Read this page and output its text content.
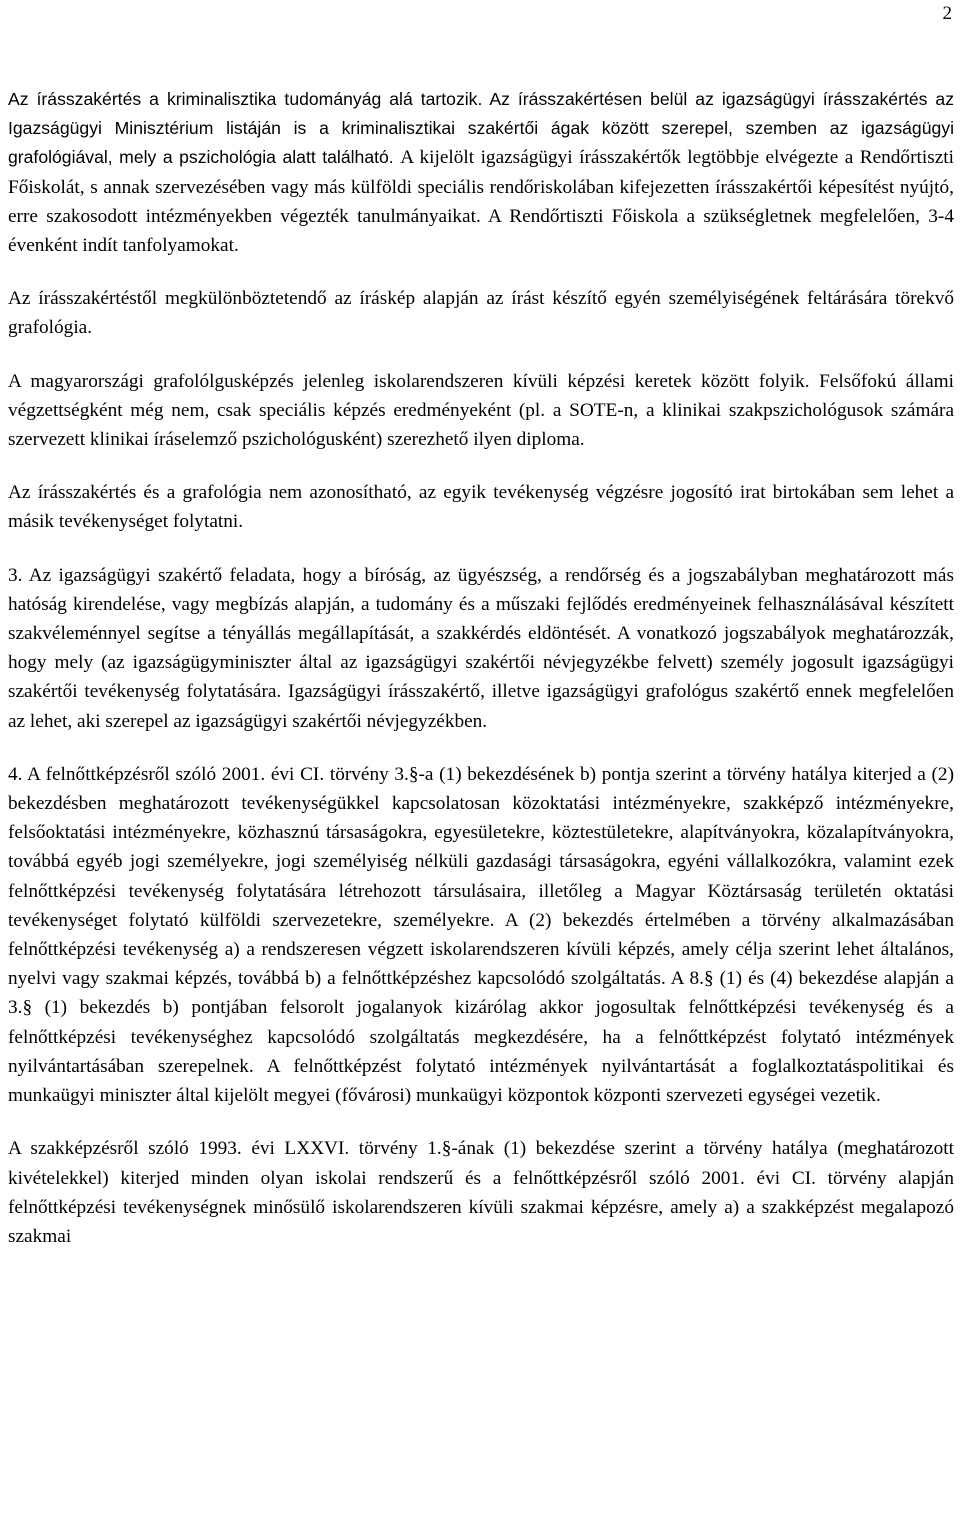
2

Az írásszakértés a kriminalisztika tudományág alá tartozik. Az írásszakértésen belül az igazságügyi írásszakértés az Igazságügyi Minisztérium listáján is a kriminalisztikai szakértői ágak között szerepel, szemben az igazságügyi grafológiával, mely a pszichológia alatt található. A kijelölt igazságügyi írásszakértők legtöbbje elvégezte a Rendőrtiszti Főiskolát, s annak szervezésében vagy más külföldi speciális rendőriskolában kifejezetten írásszakértői képesítést nyújtó, erre szakosodott intézményekben végezték tanulmányaikat. A Rendőrtiszti Főiskola a szükségletnek megfelelően, 3-4 évenként indít tanfolyamokat.

Az írásszakértéstől megkülönböztetendő az íráskép alapján az írást készítő egyén személyiségének feltárására törekvő grafológia.

A magyarországi grafolólgusképzés jelenleg iskolarendszeren kívüli képzési keretek között folyik. Felsőfokú állami végzettségként még nem, csak speciális képzés eredményeként (pl. a SOTE-n, a klinikai szakpszichológusok számára szervezett klinikai íráselemző pszichológusként) szerezhető ilyen diploma.

Az írásszakértés és a grafológia nem azonosítható, az egyik tevékenység végzésre jogosító irat birtokában sem lehet a másik tevékenységet folytatni.

3. Az igazságügyi szakértő feladata, hogy a bíróság, az ügyészség, a rendőrség és a jogszabályban meghatározott más hatóság kirendelése, vagy megbízás alapján, a tudomány és a műszaki fejlődés eredményeinek felhasználásával készített szakvéleménnyel segítse a tényállás megállapítását, a szakkérdés eldöntését. A vonatkozó jogszabályok meghatározzák, hogy mely (az igazságügyminiszter által az igazságügyi szakértői névjegyzékbe felvett) személy jogosult igazságügyi szakértői tevékenység folytatására. Igazságügyi írásszakértő, illetve igazságügyi grafológus szakértő ennek megfelelően az lehet, aki szerepel az igazságügyi szakértői névjegyzékben.

4. A felnőttképzésről szóló 2001. évi CI. törvény 3.§-a (1) bekezdésének b) pontja szerint a törvény hatálya kiterjed a (2) bekezdésben meghatározott tevékenységükkel kapcsolatosan közoktatási intézményekre, szakképző intézményekre, felsőoktatási intézményekre, közhasznú társaságokra, egyesületekre, köztestületekre, alapítványokra, közalapítványokra, továbbá egyéb jogi személyekre, jogi személyiség nélküli gazdasági társaságokra, egyéni vállalkozókra, valamint ezek felnőttképzési tevékenység folytatására létrehozott társulásaira, illetőleg a Magyar Köztársaság területén oktatási tevékenységet folytató külföldi szervezetekre, személyekre. A (2) bekezdés értelmében a törvény alkalmazásában felnőttképzési tevékenység a) a rendszeresen végzett iskolarendszeren kívüli képzés, amely célja szerint lehet általános, nyelvi vagy szakmai képzés, továbbá b) a felnőttképzéshez kapcsolódó szolgáltatás. A 8.§ (1) és (4) bekezdése alapján a 3.§ (1) bekezdés b) pontjában felsorolt jogalanyok kizárólag akkor jogosultak felnőttképzési tevékenység és a felnőttképzési tevékenységhez kapcsolódó szolgáltatás megkezdésére, ha a felnőttképzést folytató intézmények nyilvántartásában szerepelnek. A felnőttképzést folytató intézmények nyilvántartását a foglalkoztatáspolitikai és munkaügyi miniszter által kijelölt megyei (fővárosi) munkaügyi központok központi szervezeti egységei vezetik.

A szakképzésről szóló 1993. évi LXXVI. törvény 1.§-ának (1) bekezdése szerint a törvény hatálya (meghatározott kivételekkel) kiterjed minden olyan iskolai rendszerű és a felnőttképzésről szóló 2001. évi CI. törvény alapján felnőttképzési tevékenységnek minősülő iskolarendszeren kívüli szakmai képzésre, amely a) a szakképzést megalapozó szakmai
